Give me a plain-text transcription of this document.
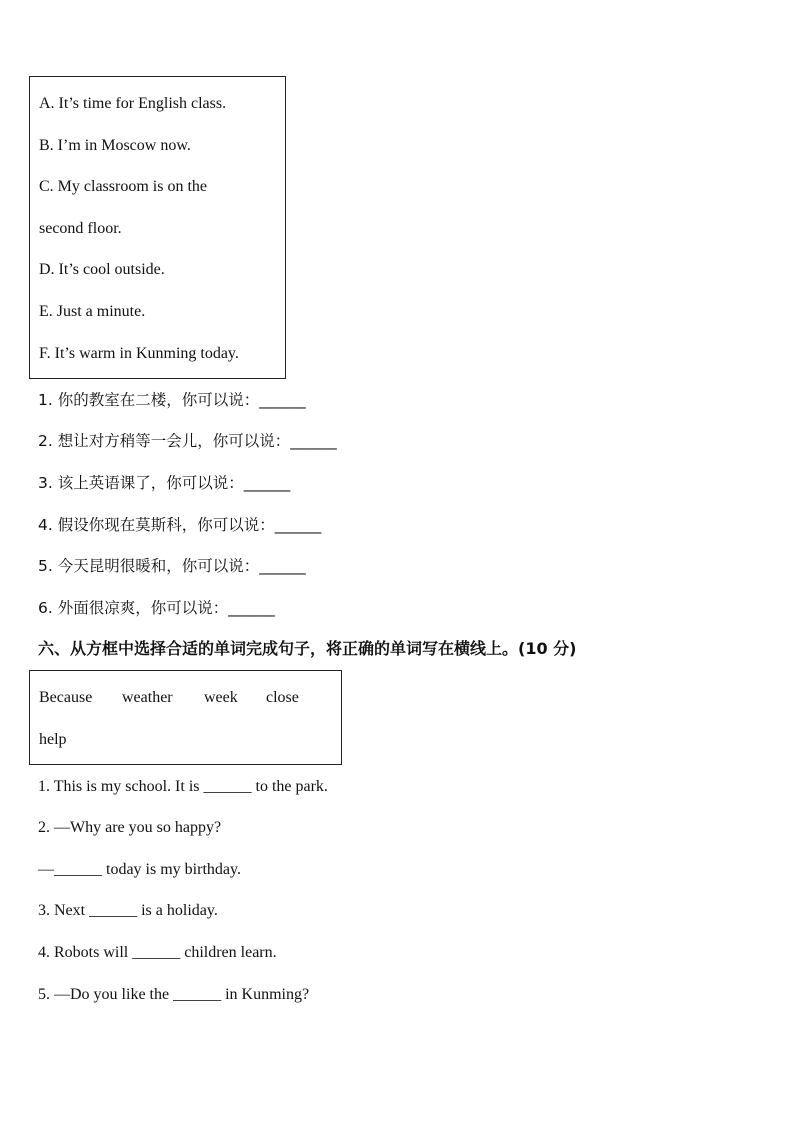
A. It’s time for English class.
B. I’m in Moscow now.
C. My classroom is on the
second floor.
D. It’s cool outside.
E. Just a minute.
F. It’s warm in Kunming today.
1. 你的教室在二楼，你可以说：______
2. 想让对方稍等一会儿，你可以说：______
3. 该上英语课了，你可以说：______
4. 假设你现在莫斯科，你可以说：______
5. 今天昆明很暖和，你可以说：______
6. 外面很凉爽，你可以说：______
六、从方框中选择合适的单词完成句子，将正确的单词写在横线上。(10 分)
Because weather week close
help
1. This is my school. It is ______ to the park.
2. —Why are you so happy?
—______ today is my birthday.
3. Next ______ is a holiday.
4. Robots will ______ children learn.
5. —Do you like the ______ in Kunming?
